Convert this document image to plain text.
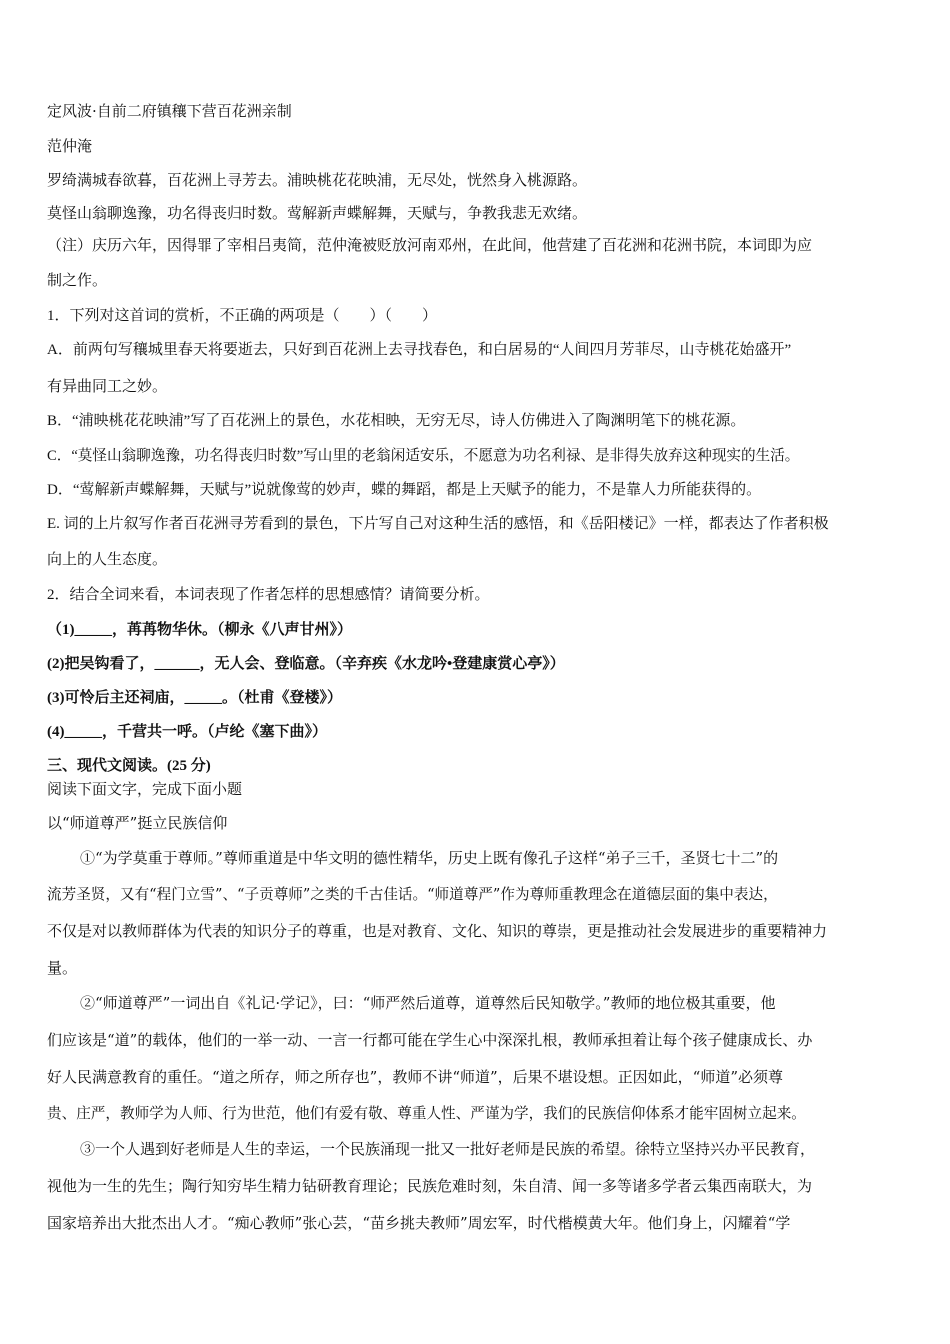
定风波·自前二府镇穰下营百花洲亲制
范仲淹
罗绮满城春欲暮，百花洲上寻芳去。浦映桃花花映浦，无尽处，恍然身入桃源路。
莫怪山翁聊逸豫，功名得丧归时数。莺解新声蝶解舞，天赋与，争教我悲无欢绪。
（注）庆历六年，因得罪了宰相吕夷简，范仲淹被贬放河南邓州，在此间，他营建了百花洲和花洲书院，本词即为应
制之作。
1．下列对这首词的赏析，不正确的两项是（　　）（　　）
A．前两句写穰城里春天将要逝去，只好到百花洲上去寻找春色，和白居易的“人间四月芳菲尽，山寺桃花始盛开”
有异曲同工之妙。
B．“浦映桃花花映浦”写了百花洲上的景色，水花相映，无穷无尽，诗人仿佛进入了陶渊明笔下的桃花源。
C．“莫怪山翁聊逸豫，功名得丧归时数”写山里的老翁闲适安乐，不愿意为功名利禄、是非得失放弃这种现实的生活。
D．“莺解新声蝶解舞，天赋与”说就像莺的妙声，蝶的舞蹈，都是上天赋予的能力，不是靠人力所能获得的。
E. 词的上片叙写作者百花洲寻芳看到的景色，下片写自己对这种生活的感悟，和《岳阳楼记》一样，都表达了作者积极
向上的人生态度。
2．结合全词来看，本词表现了作者怎样的思想感情？请简要分析。
（1)_____，苒苒物华休。（柳永《八声甘州》）
(2)把吴钩看了，______，无人会、登临意。（辛弃疾《水龙吟•登建康赏心亭》）
(3)可怜后主还祠庙，_____。（杜甫《登楼》）
(4)_____，千营共一呼。（卢纶《塞下曲》）
三、现代文阅读。(25 分)
阅读下面文字，完成下面小题
以“师道尊严”挺立民族信仰
①“为学莫重于尊师。”尊师重道是中华文明的德性精华，历史上既有像孔子这样“弟子三千，圣贤七十二”的
流芳圣贤，又有“程门立雪”、“子贡尊师”之类的千古佳话。“师道尊严”作为尊师重教理念在道德层面的集中表达，
不仅是对以教师群体为代表的知识分子的尊重，也是对教育、文化、知识的尊崇，更是推动社会发展进步的重要精神力
量。
②“师道尊严”一词出自《礼记·学记》，曰：“师严然后道尊，道尊然后民知敬学。”教师的地位极其重要，他
们应该是“道”的载体，他们的一举一动、一言一行都可能在学生心中深深扎根，教师承担着让每个孩子健康成长、办
好人民满意教育的重任。“道之所存，师之所存也”，教师不讲“师道”，后果不堪设想。正因如此，“师道”必须尊
贵、庄严，教师学为人师、行为世范，他们有爱有敬、尊重人性、严谨为学，我们的民族信仰体系才能牢固树立起来。
③一个人遇到好老师是人生的幸运，一个民族涌现一批又一批好老师是民族的希望。徐特立坚持兴办平民教育，
视他为一生的先生；陶行知穷毕生精力钻研教育理论；民族危难时刻，朱自清、闻一多等诸多学者云集西南联大，为
国家培养出大批杰出人才。“痴心教师”张心芸，“苗乡挑夫教师”周宏军，时代楷模黄大年。他们身上，闪耀着“学
